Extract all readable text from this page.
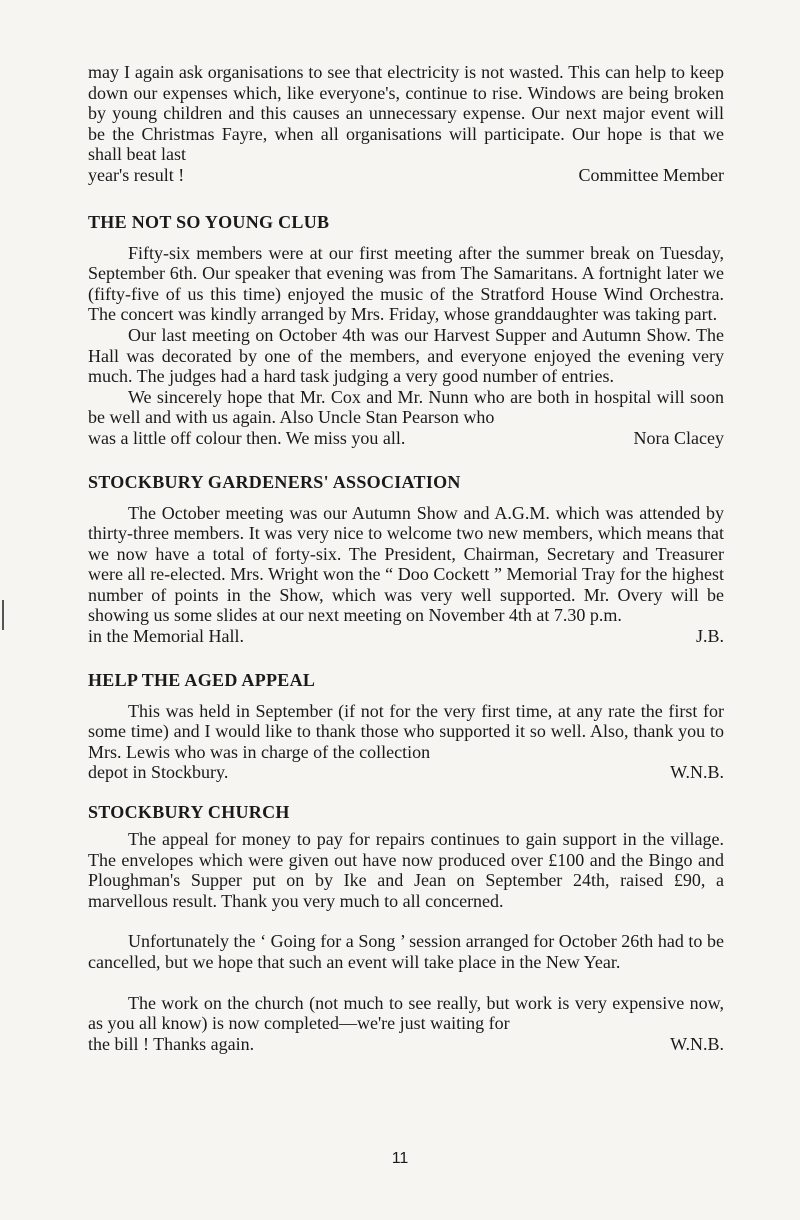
may I again ask organisations to see that electricity is not wasted. This can help to keep down our expenses which, like everyone's, continue to rise. Windows are being broken by young children and this causes an unnecessary expense. Our next major event will be the Christmas Fayre, when all organisations will participate. Our hope is that we shall beat last

year's result !	Committee Member
THE NOT SO YOUNG CLUB

Fifty-six members were at our first meeting after the summer break on Tuesday, September 6th. Our speaker that evening was from The Samaritans. A fortnight later we (fifty-five of us this time) enjoyed the music of the Stratford House Wind Orchestra. The concert was kindly arranged by Mrs. Friday, whose granddaughter was taking part.

Our last meeting on October 4th was our Harvest Supper and Autumn Show. The Hall was decorated by one of the members, and everyone enjoyed the evening very much. The judges had a hard task judging a very good number of entries.

We sincerely hope that Mr. Cox and Mr. Nunn who are both in hospital will soon be well and with us again. Also Uncle Stan Pearson who

was a little off colour then. We miss you all.	Nora Clacey
STOCKBURY GARDENERS' ASSOCIATION

The October meeting was our Autumn Show and A.G.M. which was attended by thirty-three members. It was very nice to welcome two new members, which means that we now have a total of forty-six. The President, Chairman, Secretary and Treasurer were all re-elected. Mrs. Wright won the “ Doo Cockett ” Memorial Tray for the highest number of points in the Show, which was very well supported. Mr. Overy will be showing us some slides at our next meeting on November 4th at 7.30 p.m.

in the Memorial Hall.	J.B.
HELP THE AGED APPEAL

This was held in September (if not for the very first time, at any rate the first for some time) and I would like to thank those who supported it so well. Also, thank you to Mrs. Lewis who was in charge of the collection

depot in Stockbury.	W.N.B.
STOCKBURY CHURCH

The appeal for money to pay for repairs continues to gain support in the village. The envelopes which were given out have now produced over £100 and the Bingo and Ploughman's Supper put on by Ike and Jean on September 24th, raised £90, a marvellous result. Thank you very much to all concerned.

Unfortunately the ‘ Going for a Song ’ session arranged for October 26th had to be cancelled, but we hope that such an event will take place in the New Year.

The work on the church (not much to see really, but work is very expensive now, as you all know) is now completed—we're just waiting for

the bill ! Thanks again.	W.N.B.
11
